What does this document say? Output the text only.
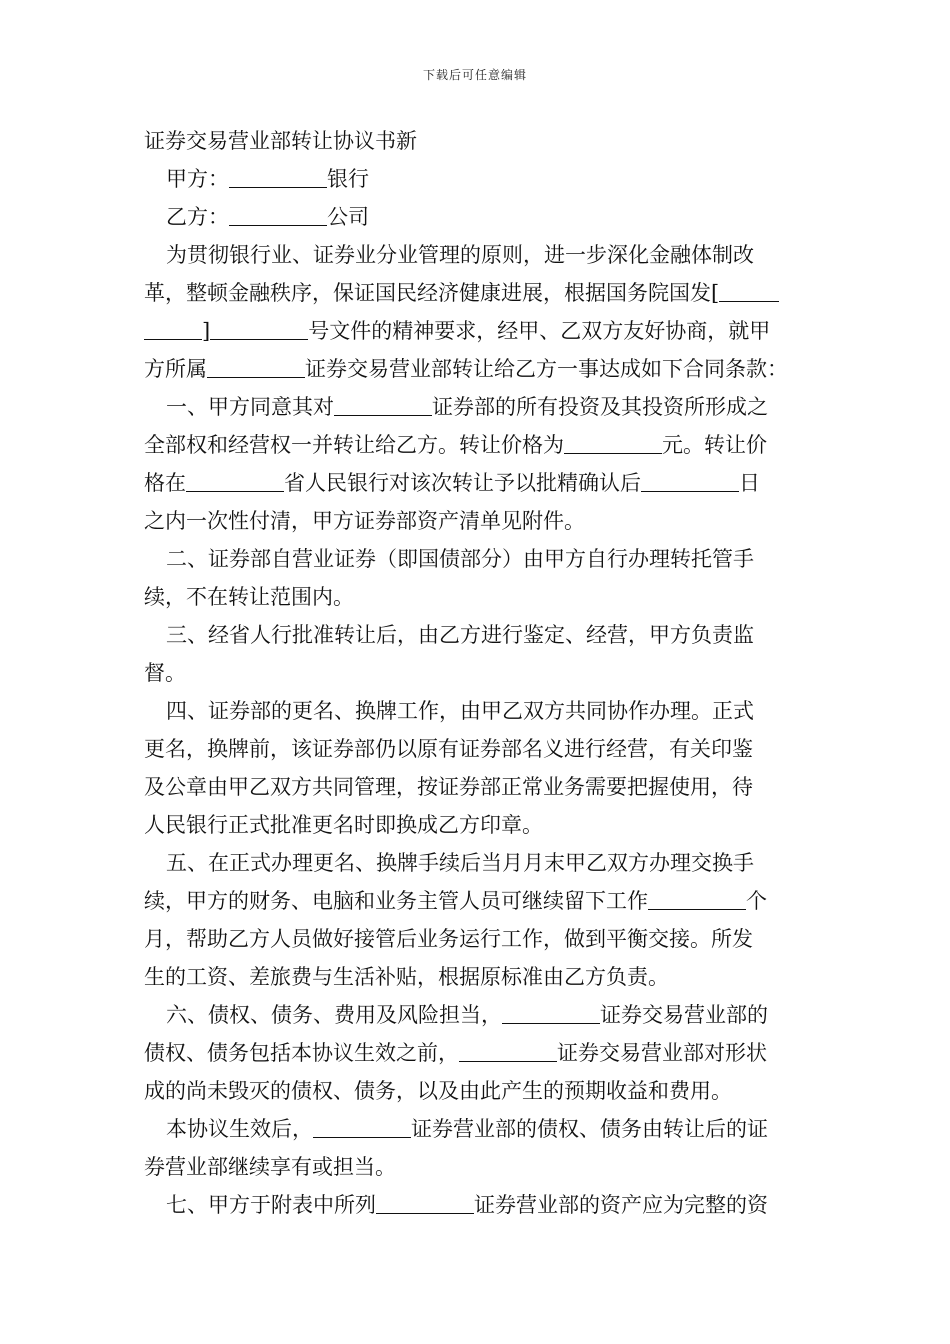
下载后可任意编辑
证券交易营业部转让协议书新
甲方：	银行
乙方：	公司
为贯彻银行业、证券业分业管理的原则，进一步深化金融体制改
革，整顿金融秩序，保证国民经济健康进展，根据国务院国发[
]	号文件的精神要求，经甲、乙双方友好协商，就甲
方所属	证券交易营业部转让给乙方一事达成如下合同条款：
一、甲方同意其对	证券部的所有投资及其投资所形成之
全部权和经营权一并转让给乙方。转让价格为	元。转让价
格在	省人民银行对该次转让予以批精确认后	日
之内一次性付清，甲方证券部资产清单见附件。
二、证券部自营业证券（即国债部分）由甲方自行办理转托管手
续，不在转让范围内。
三、经省人行批准转让后，由乙方进行鉴定、经营，甲方负责监
督。
四、证券部的更名、换牌工作，由甲乙双方共同协作办理。正式
更名，换牌前，该证券部仍以原有证券部名义进行经营，有关印鉴
及公章由甲乙双方共同管理，按证券部正常业务需要把握使用，待
人民银行正式批准更名时即换成乙方印章。
五、在正式办理更名、换牌手续后当月月末甲乙双方办理交换手
续，甲方的财务、电脑和业务主管人员可继续留下工作	个
月，帮助乙方人员做好接管后业务运行工作，做到平衡交接。所发
生的工资、差旅费与生活补贴，根据原标准由乙方负责。
六、债权、债务、费用及风险担当，	证券交易营业部的
债权、债务包括本协议生效之前，	证券交易营业部对形状
成的尚未毁灭的债权、债务，以及由此产生的预期收益和费用。
本协议生效后，	证券营业部的债权、债务由转让后的证
券营业部继续享有或担当。
七、甲方于附表中所列	证券营业部的资产应为完整的资
